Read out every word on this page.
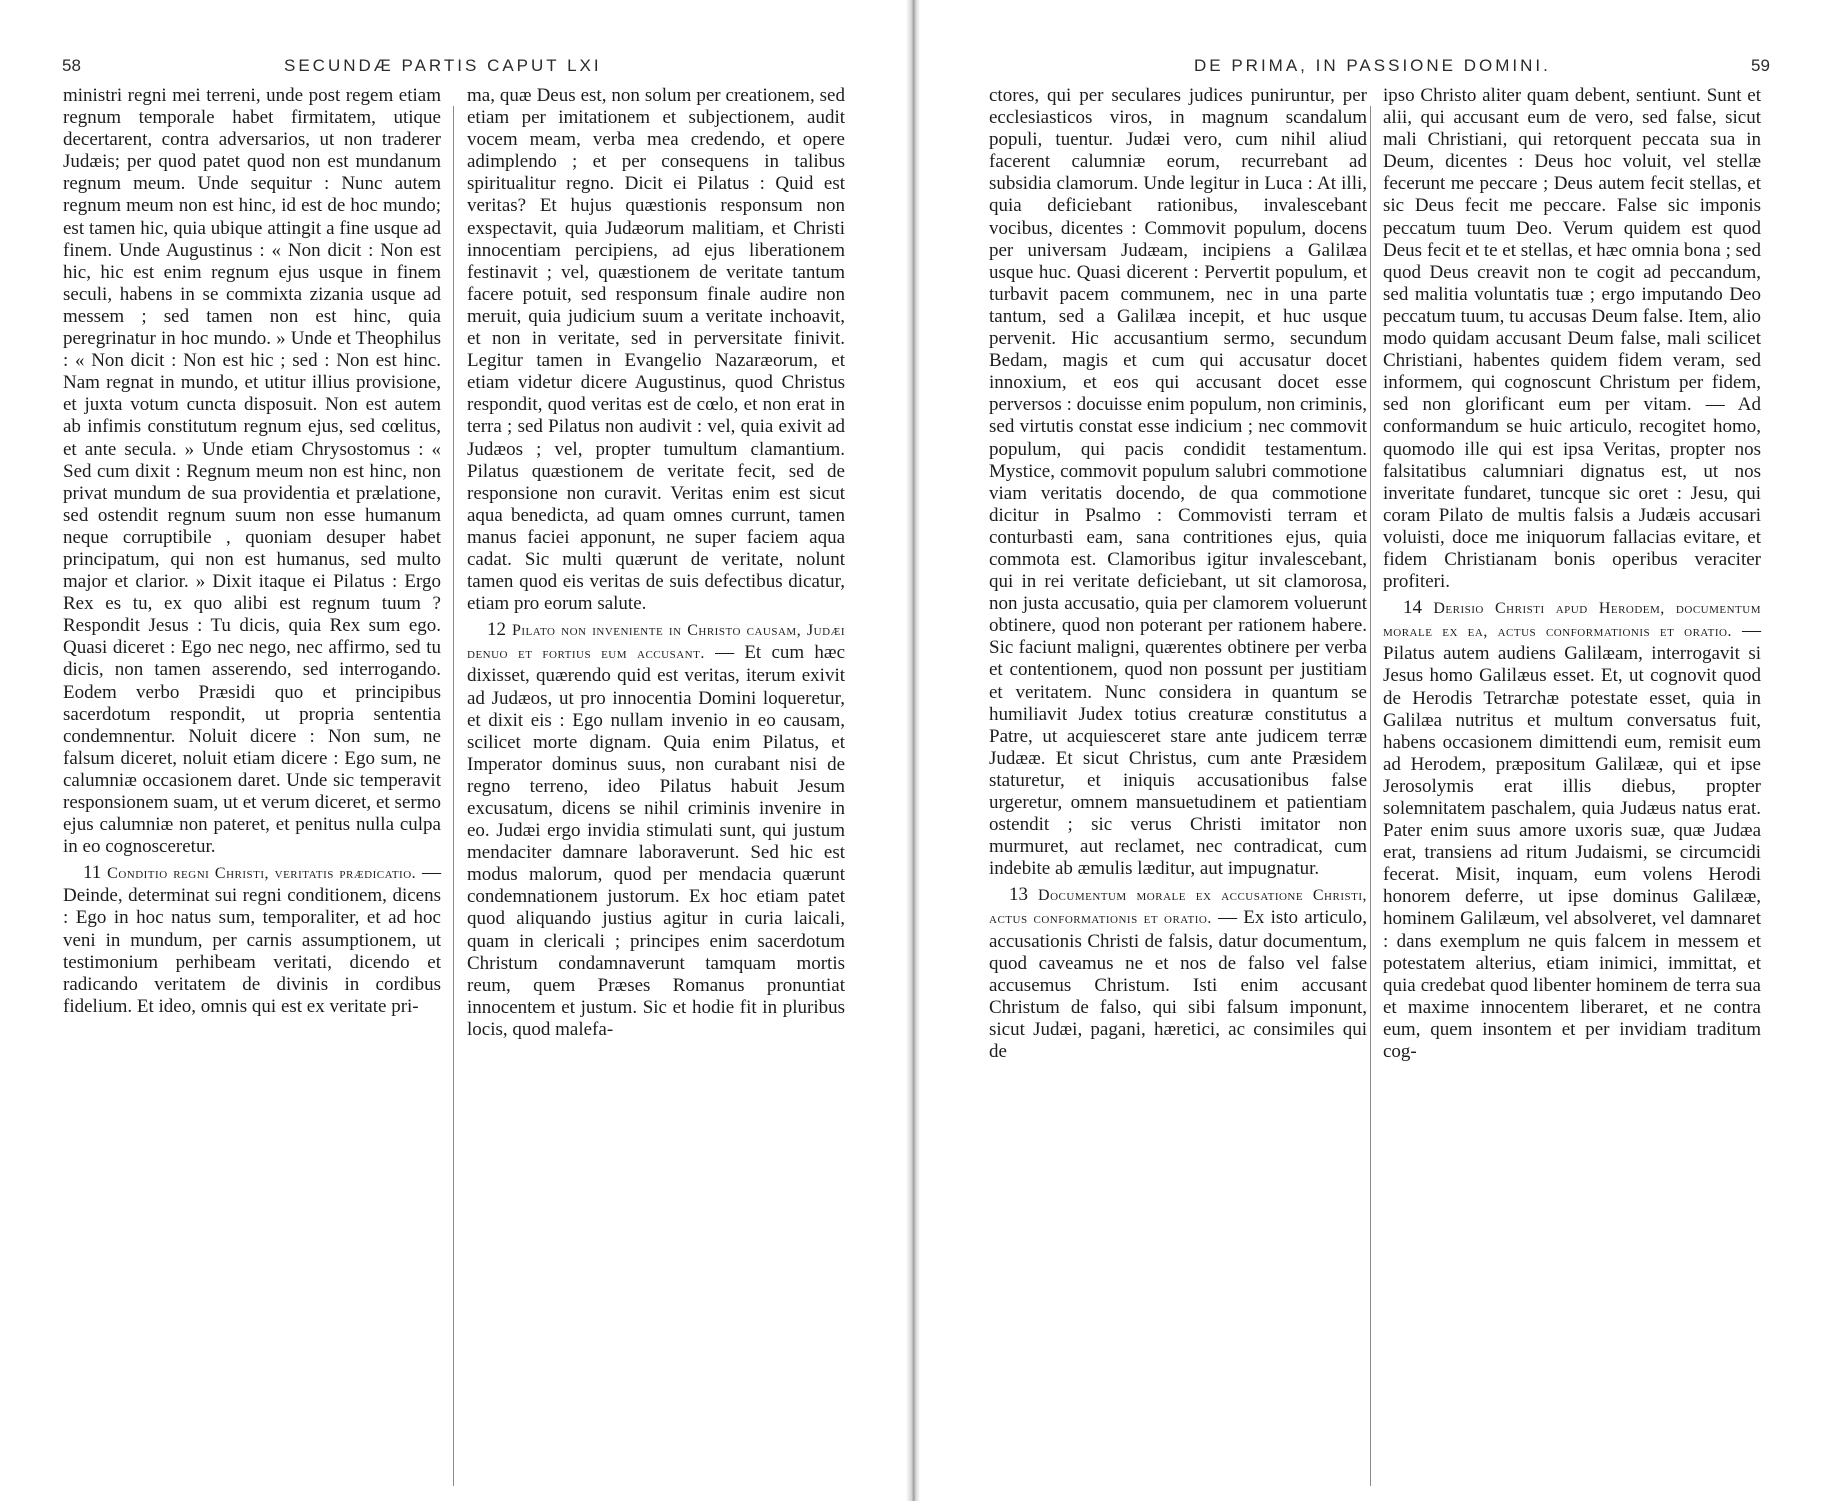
58	SECUNDÆ PARTIS CAPUT LXI

ministri regni mei terreni, unde post regem etiam regnum temporale habet firmitatem, utique decertarent, contra adversarios, ut non traderer Judæis; per quod patet quod non est mundanum regnum meum. Unde sequitur : Nunc autem regnum meum non est hinc, id est de hoc mundo; est tamen hic, quia ubique attingit a fine usque ad finem. Unde Augustinus : « Non dicit : Non est hic, hic est enim regnum ejus usque in finem seculi, habens in se commixta zizania usque ad messem ; sed tamen non est hinc, quia peregrinatur in hoc mundo. » Unde et Theophilus : « Non dicit : Non est hic ; sed : Non est hinc. Nam regnat in mundo, et utitur illius provisione, et juxta votum cuncta disposuit. Non est autem ab infimis constitutum regnum ejus, sed cœlitus, et ante secula. » Unde etiam Chrysostomus : « Sed cum dixit : Regnum meum non est hinc, non privat mundum de sua providentia et prælatione, sed ostendit regnum suum non esse humanum neque corruptibile , quoniam desuper habet principatum, qui non est humanus, sed multo major et clarior. » Dixit itaque ei Pilatus : Ergo Rex es tu, ex quo alibi est regnum tuum ? Respondit Jesus : Tu dicis, quia Rex sum ego. Quasi diceret : Ego nec nego, nec affirmo, sed tu dicis, non tamen asserendo, sed interrogando. Eodem verbo Præsidi quo et principibus sacerdotum respondit, ut propria sententia condemnentur. Noluit dicere : Non sum, ne falsum diceret, noluit etiam dicere : Ego sum, ne calumniæ occasionem daret. Unde sic temperavit responsionem suam, ut et verum diceret, et sermo ejus calumniæ non pateret, et penitus nulla culpa in eo cognosceretur.

11 Conditio regni Christi, veritatis prædicatio. — Deinde, determinat sui regni conditionem, dicens : Ego in hoc natus sum, temporaliter, et ad hoc veni in mundum, per carnis assumptionem, ut testimonium perhibeam veritati, dicendo et radicando veritatem de divinis in cordibus fidelium. Et ideo, omnis qui est ex veritate pri-

ma, quæ Deus est, non solum per creationem, sed etiam per imitationem et subjectionem, audit vocem meam, verba mea credendo, et opere adimplendo ; et per consequens in talibus spiritualitur regno. Dicit ei Pilatus : Quid est veritas? Et hujus quæstionis responsum non exspectavit, quia Judæorum malitiam, et Christi innocentiam percipiens, ad ejus liberationem festinavit ; vel, quæstionem de veritate tantum facere potuit, sed responsum finale audire non meruit, quia judicium suum a veritate inchoavit, et non in veritate, sed in perversitate finivit. Legitur tamen in Evangelio Nazaræorum, et etiam videtur dicere Augustinus, quod Christus respondit, quod veritas est de cœlo, et non erat in terra ; sed Pilatus non audivit : vel, quia exivit ad Judæos ; vel, propter tumultum clamantium. Pilatus quæstionem de veritate fecit, sed de responsione non curavit. Veritas enim est sicut aqua benedicta, ad quam omnes currunt, tamen manus faciei apponunt, ne super faciem aqua cadat. Sic multi quærunt de veritate, nolunt tamen quod eis veritas de suis defectibus dicatur, etiam pro eorum salute.

12 Pilato non inveniente in Christo causam, Judæi denuo et fortius eum accusant. — Et cum hæc dixisset, quærendo quid est veritas, iterum exivit ad Judæos, ut pro innocentia Domini loqueretur, et dixit eis : Ego nullam invenio in eo causam, scilicet morte dignam. Quia enim Pilatus, et Imperator dominus suus, non curabant nisi de regno terreno, ideo Pilatus habuit Jesum excusatum, dicens se nihil criminis invenire in eo. Judæi ergo invidia stimulati sunt, qui justum mendaciter damnare laboraverunt. Sed hic est modus malorum, quod per mendacia quærunt condemnationem justorum. Ex hoc etiam patet quod aliquando justius agitur in curia laicali, quam in clericali ; principes enim sacerdotum Christum condamnaverunt tamquam mortis reum, quem Præses Romanus pronuntiat innocentem et justum. Sic et hodie fit in pluribus locis, quod malefa-

DE PRIMA, IN PASSIONE DOMINI.	59

ctores, qui per seculares judices puniruntur, per ecclesiasticos viros, in magnum scandalum populi, tuentur. Judæi vero, cum nihil aliud facerent calumniæ eorum, recurrebant ad subsidia clamorum. Unde legitur in Luca : At illi, quia deficiebant rationibus, invalescebant vocibus, dicentes : Commovit populum, docens per universam Judæam, incipiens a Galilæa usque huc. Quasi dicerent : Pervertit populum, et turbavit pacem communem, nec in una parte tantum, sed a Galilæa incepit, et huc usque pervenit. Hic accusantium sermo, secundum Bedam, magis et cum qui accusatur docet innoxium, et eos qui accusant docet esse perversos : docuisse enim populum, non criminis, sed virtutis constat esse indicium ; nec commovit populum, qui pacis condidit testamentum. Mystice, commovit populum salubri commotione viam veritatis docendo, de qua commotione dicitur in Psalmo : Commovisti terram et conturbasti eam, sana contritiones ejus, quia commota est. Clamoribus igitur invalescebant, qui in rei veritate deficiebant, ut sit clamorosa, non justa accusatio, quia per clamorem voluerunt obtinere, quod non poterant per rationem habere. Sic faciunt maligni, quærentes obtinere per verba et contentionem, quod non possunt per justitiam et veritatem. Nunc considera in quantum se humiliavit Judex totius creaturæ constitutus a Patre, ut acquiesceret stare ante judicem terræ Judææ. Et sicut Christus, cum ante Præsidem staturetur, et iniquis accusationibus false urgeretur, omnem mansuetudinem et patientiam ostendit ; sic verus Christi imitator non murmuret, aut reclamet, nec contradicat, cum indebite ab æmulis læditur, aut impugnatur.

13 Documentum morale ex accusatione Christi, actus conformationis et oratio. — Ex isto articulo, accusationis Christi de falsis, datur documentum, quod caveamus ne et nos de falso vel false accusemus Christum. Isti enim accusant Christum de falso, qui sibi falsum imponunt, sicut Judæi, pagani, hæretici, ac consimiles qui de

ipso Christo aliter quam debent, sentiunt. Sunt et alii, qui accusant eum de vero, sed false, sicut mali Christiani, qui retorquent peccata sua in Deum, dicentes : Deus hoc voluit, vel stellæ fecerunt me peccare ; Deus autem fecit stellas, et sic Deus fecit me peccare. False sic imponis peccatum tuum Deo. Verum quidem est quod Deus fecit et te et stellas, et hæc omnia bona ; sed quod Deus creavit non te cogit ad peccandum, sed malitia voluntatis tuæ ; ergo imputando Deo peccatum tuum, tu accusas Deum false. Item, alio modo quidam accusant Deum false, mali scilicet Christiani, habentes quidem fidem veram, sed informem, qui cognoscunt Christum per fidem, sed non glorificant eum per vitam. — Ad conformandum se huic articulo, recogitet homo, quomodo ille qui est ipsa Veritas, propter nos falsitatibus calumniari dignatus est, ut nos inveritate fundaret, tuncque sic oret : Jesu, qui coram Pilato de multis falsis a Judæis accusari voluisti, doce me iniquorum fallacias evitare, et fidem Christianam bonis operibus veraciter profiteri.

14 Derisio Christi apud Herodem, documentum morale ex ea, actus conformationis et oratio. — Pilatus autem audiens Galilæam, interrogavit si Jesus homo Galilæus esset. Et, ut cognovit quod de Herodis Tetrarchæ potestate esset, quia in Galilæa nutritus et multum conversatus fuit, habens occasionem dimittendi eum, remisit eum ad Herodem, præpositum Galilææ, qui et ipse Jerosolymis erat illis diebus, propter solemnitatem paschalem, quia Judæus natus erat. Pater enim suus amore uxoris suæ, quæ Judæa erat, transiens ad ritum Judaismi, se circumcidi fecerat. Misit, inquam, eum volens Herodi honorem deferre, ut ipse dominus Galilææ, hominem Galilæum, vel absolveret, vel damnaret : dans exemplum ne quis falcem in messem et potestatem alterius, etiam inimici, immittat, et quia credebat quod libenter hominem de terra sua et maxime innocentem liberaret, et ne contra eum, quem insontem et per invidiam traditum cog-
